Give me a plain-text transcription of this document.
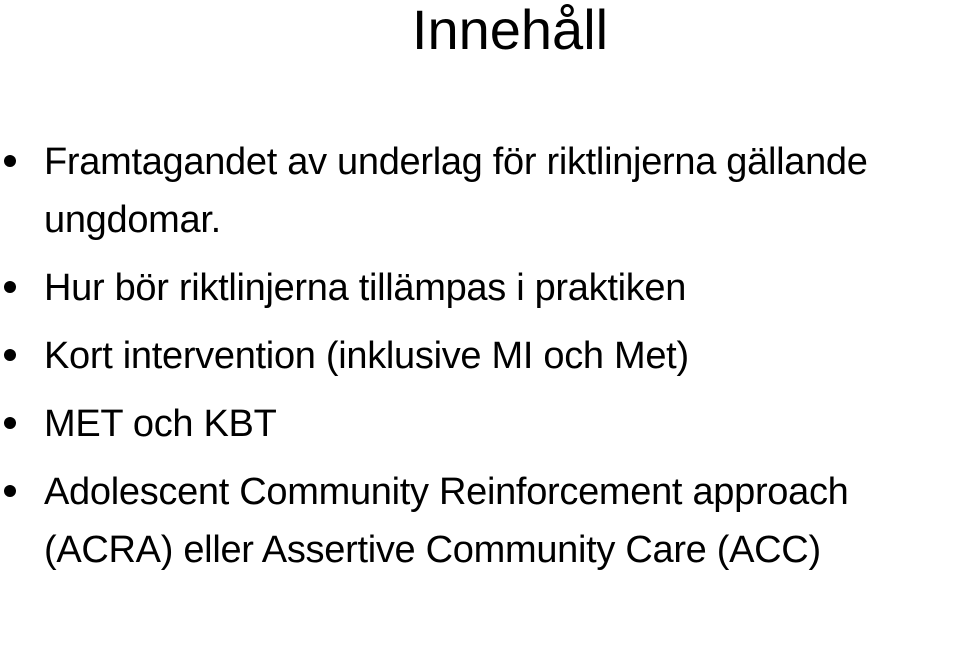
Innehåll
Framtagandet av underlag för riktlinjerna gällande ungdomar.
Hur bör riktlinjerna tillämpas i praktiken
Kort intervention (inklusive MI och Met)
MET och KBT
Adolescent Community Reinforcement approach (ACRA) eller Assertive Community Care (ACC)
